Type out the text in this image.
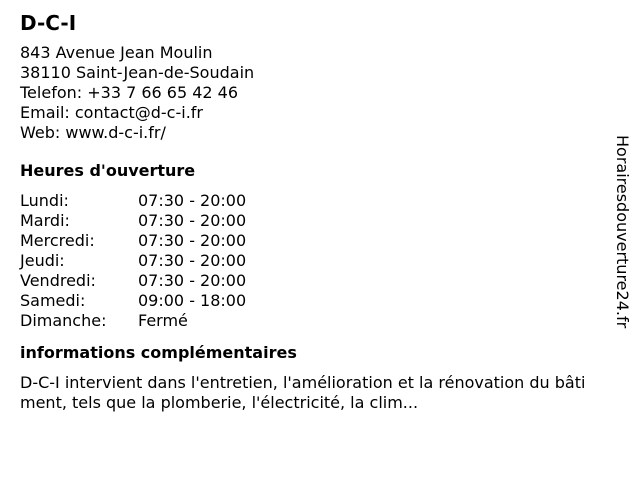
D-C-I
843 Avenue Jean Moulin
38110 Saint-Jean-de-Soudain
Telefon: +33 7 66 65 42 46
Email: contact@d-c-i.fr
Web: www.d-c-i.fr/
Heures d'ouverture
Lundi:	07:30 - 20:00
Mardi:	07:30 - 20:00
Mercredi:	07:30 - 20:00
Jeudi:	07:30 - 20:00
Vendredi:	07:30 - 20:00
Samedi:	09:00 - 18:00
Dimanche:	Fermé
informations complémentaires
D-C-I intervient dans l'entretien, l'amélioration et la rénovation du bâtiment, tels que la plomberie, l'électricité, la clim...
Horairesdouverture24.fr
